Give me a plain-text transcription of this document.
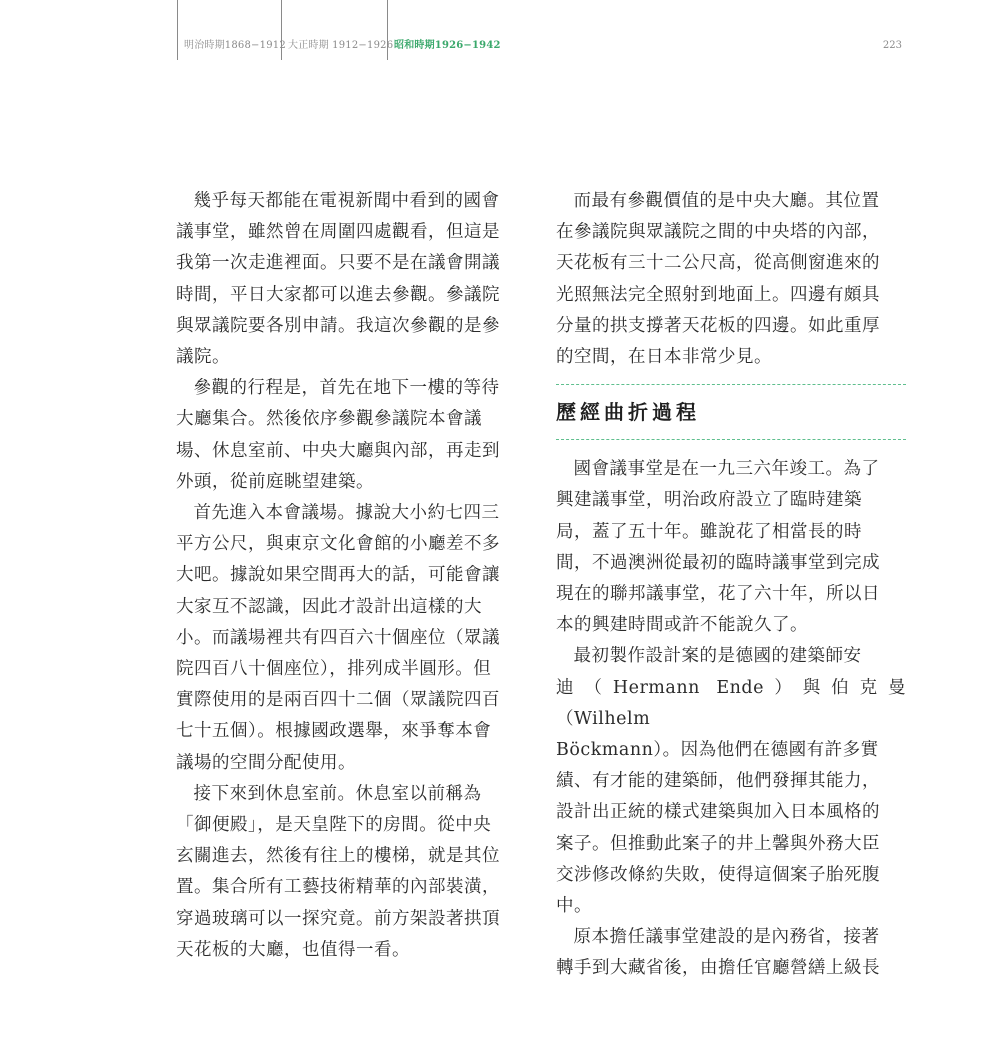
明治時期1868−1912 大正時期 1912−1926 昭和時期1926−1942	223

幾乎每天都能在電視新聞中看到的國會
議事堂，雖然曾在周圍四處觀看，但這是
我第一次走進裡面。只要不是在議會開議
時間，平日大家都可以進去參觀。參議院
與眾議院要各別申請。我這次參觀的是參
議院。

參觀的行程是，首先在地下一樓的等待
大廳集合。然後依序參觀參議院本會議
場、休息室前、中央大廳與內部，再走到
外頭，從前庭眺望建築。

首先進入本會議場。據說大小約七四三
平方公尺，與東京文化會館的小廳差不多
大吧。據說如果空間再大的話，可能會讓
大家互不認識，因此才設計出這樣的大
小。而議場裡共有四百六十個座位（眾議
院四百八十個座位），排列成半圓形。但
實際使用的是兩百四十二個（眾議院四百
七十五個）。根據國政選舉，來爭奪本會
議場的空間分配使用。

接下來到休息室前。休息室以前稱為
「御便殿」，是天皇陛下的房間。從中央
玄關進去，然後有往上的樓梯，就是其位
置。集合所有工藝技術精華的內部裝潢，
穿過玻璃可以一探究竟。前方架設著拱頂
天花板的大廳，也值得一看。

而最有參觀價值的是中央大廳。其位置
在參議院與眾議院之間的中央塔的內部，
天花板有三十二公尺高，從高側窗進來的
光照無法完全照射到地面上。四邊有頗具
分量的拱支撐著天花板的四邊。如此重厚
的空間，在日本非常少見。

歷經曲折過程

國會議事堂是在一九三六年竣工。為了
興建議事堂，明治政府設立了臨時建築
局，蓋了五十年。雖說花了相當長的時
間，不過澳洲從最初的臨時議事堂到完成
現在的聯邦議事堂，花了六十年，所以日
本的興建時間或許不能說久了。

最初製作設計案的是德國的建築師安
迪（Hermann Ende）與伯克曼（Wilhelm
Böckmann）。因為他們在德國有許多實
績、有才能的建築師，他們發揮其能力，
設計出正統的樣式建築與加入日本風格的
案子。但推動此案子的井上馨與外務大臣
交涉修改條約失敗，使得這個案子胎死腹
中。

原本擔任議事堂建設的是內務省，接著
轉手到大藏省後，由擔任官廳營繕上級長
